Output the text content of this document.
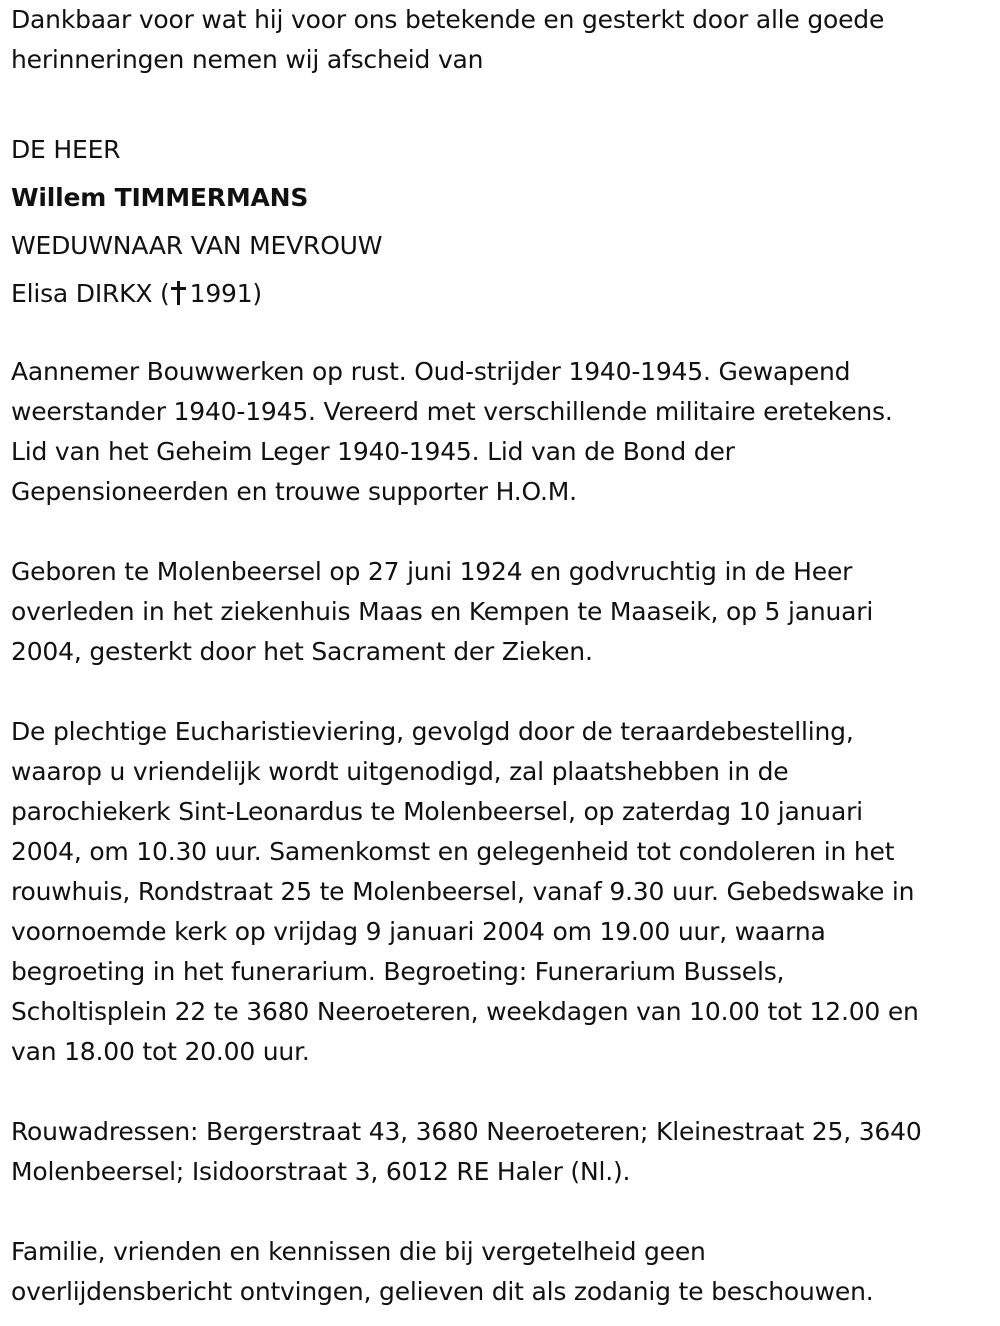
Dankbaar voor wat hij voor ons betekende en gesterkt door alle goede
herinneringen nemen wij afscheid van

DE HEER
Willem TIMMERMANS
WEDUWNAAR VAN MEVROUW
Elisa DIRKX ( 1991)

Aannemer Bouwwerken op rust. Oud-strijder 1940-1945. Gewapend
weerstander 1940-1945. Vereerd met verschillende militaire eretekens.
Lid van het Geheim Leger 1940-1945. Lid van de Bond der
Gepensioneerden en trouwe supporter H.O.M.

Geboren te Molenbeersel op 27 juni 1924 en godvruchtig in de Heer
overleden in het ziekenhuis Maas en Kempen te Maaseik, op 5 januari
2004, gesterkt door het Sacrament der Zieken.

De plechtige Eucharistieviering, gevolgd door de teraardebestelling,
waarop u vriendelijk wordt uitgenodigd, zal plaatshebben in de
parochiekerk Sint-Leonardus te Molenbeersel, op zaterdag 10 januari
2004, om 10.30 uur. Samenkomst en gelegenheid tot condoleren in het
rouwhuis, Rondstraat 25 te Molenbeersel, vanaf 9.30 uur. Gebedswake in
voornoemde kerk op vrijdag 9 januari 2004 om 19.00 uur, waarna
begroeting in het funerarium. Begroeting: Funerarium Bussels,
Scholtisplein 22 te 3680 Neeroeteren, weekdagen van 10.00 tot 12.00 en
van 18.00 tot 20.00 uur.

Rouwadressen: Bergerstraat 43, 3680 Neeroeteren; Kleinestraat 25, 3640
Molenbeersel; Isidoorstraat 3, 6012 RE Haler (Nl.).

Familie, vrienden en kennissen die bij vergetelheid geen
overlijdensbericht ontvingen, gelieven dit als zodanig te beschouwen.
